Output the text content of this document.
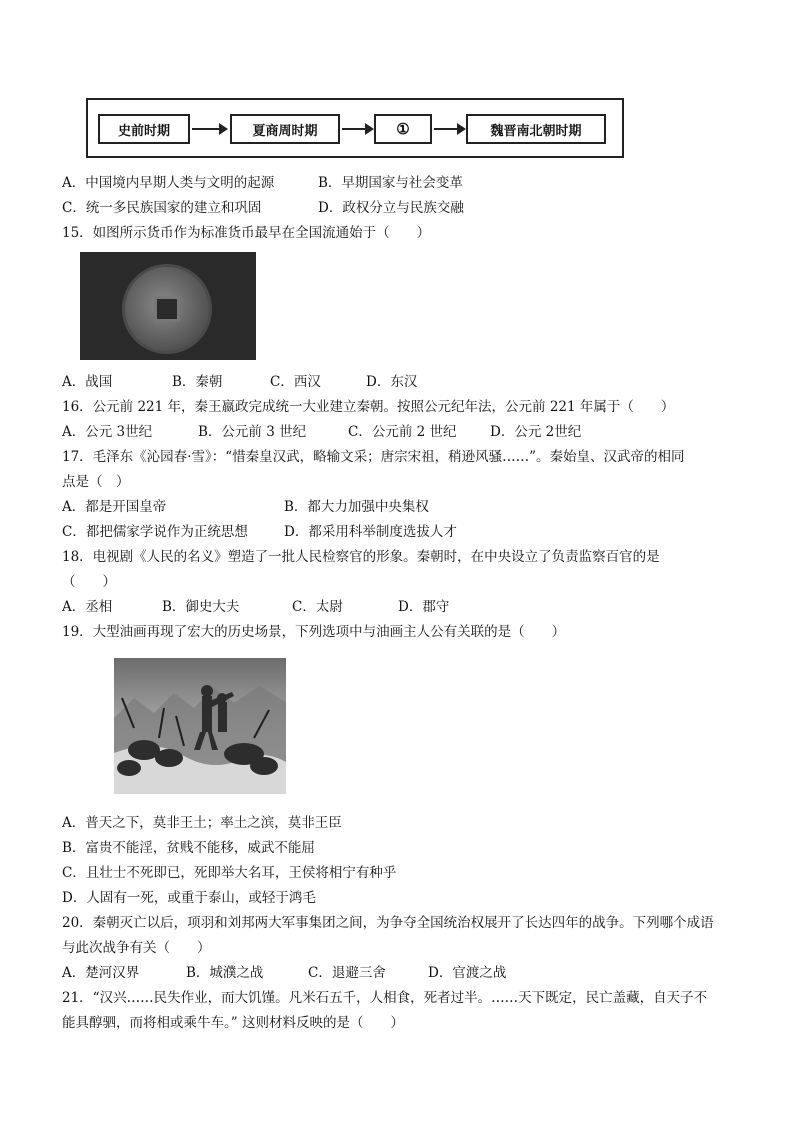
史前时期	夏商周时期	①	魏晋南北朝时期
A．中国境内早期人类与文明的起源	B．早期国家与社会变革
C．统一多民族国家的建立和巩固	D．政权分立与民族交融
15．如图所示货币作为标准货币最早在全国流通始于（　　）
A．战国	B．秦朝	C．西汉	D．东汉
16．公元前 221 年，秦王嬴政完成统一大业建立秦朝。按照公元纪年法，公元前 221 年属于（　　）
A．公元 3世纪	B．公元前 3 世纪	C．公元前 2 世纪 D．公元 2世纪
17．毛泽东《沁园春·雪》：“惜秦皇汉武，略输文采；唐宗宋祖，稍逊风骚……”。秦始皇、汉武帝的相同
点是（　）
A．都是开国皇帝	B．都大力加强中央集权
C．都把儒家学说作为正统思想	D．都采用科举制度选拔人才
18．电视剧《人民的名义》塑造了一批人民检察官的形象。秦朝时，在中央设立了负责监察百官的是
（　　）
A．丞相	B．御史大夫	C．太尉	D．郡守
19．大型油画再现了宏大的历史场景，下列选项中与油画主人公有关联的是（　　）
A．普天之下，莫非王土；率土之滨，莫非王臣
B．富贵不能淫，贫贱不能移，威武不能屈
C．且壮士不死即已，死即举大名耳，王侯将相宁有种乎
D．人固有一死，或重于泰山，或轻于鸿毛
20．秦朝灭亡以后，项羽和刘邦两大军事集团之间，为争夺全国统治权展开了长达四年的战争。下列哪个成语
与此次战争有关（　　）
A．楚河汉界	B．城濮之战	C．退避三舍	D．官渡之战
21．“汉兴……民失作业，而大饥馑。凡米石五千，人相食，死者过半。……天下既定，民亡盖藏，自天子不
能具醇驷，而将相或乘牛车。” 这则材料反映的是（　　）
